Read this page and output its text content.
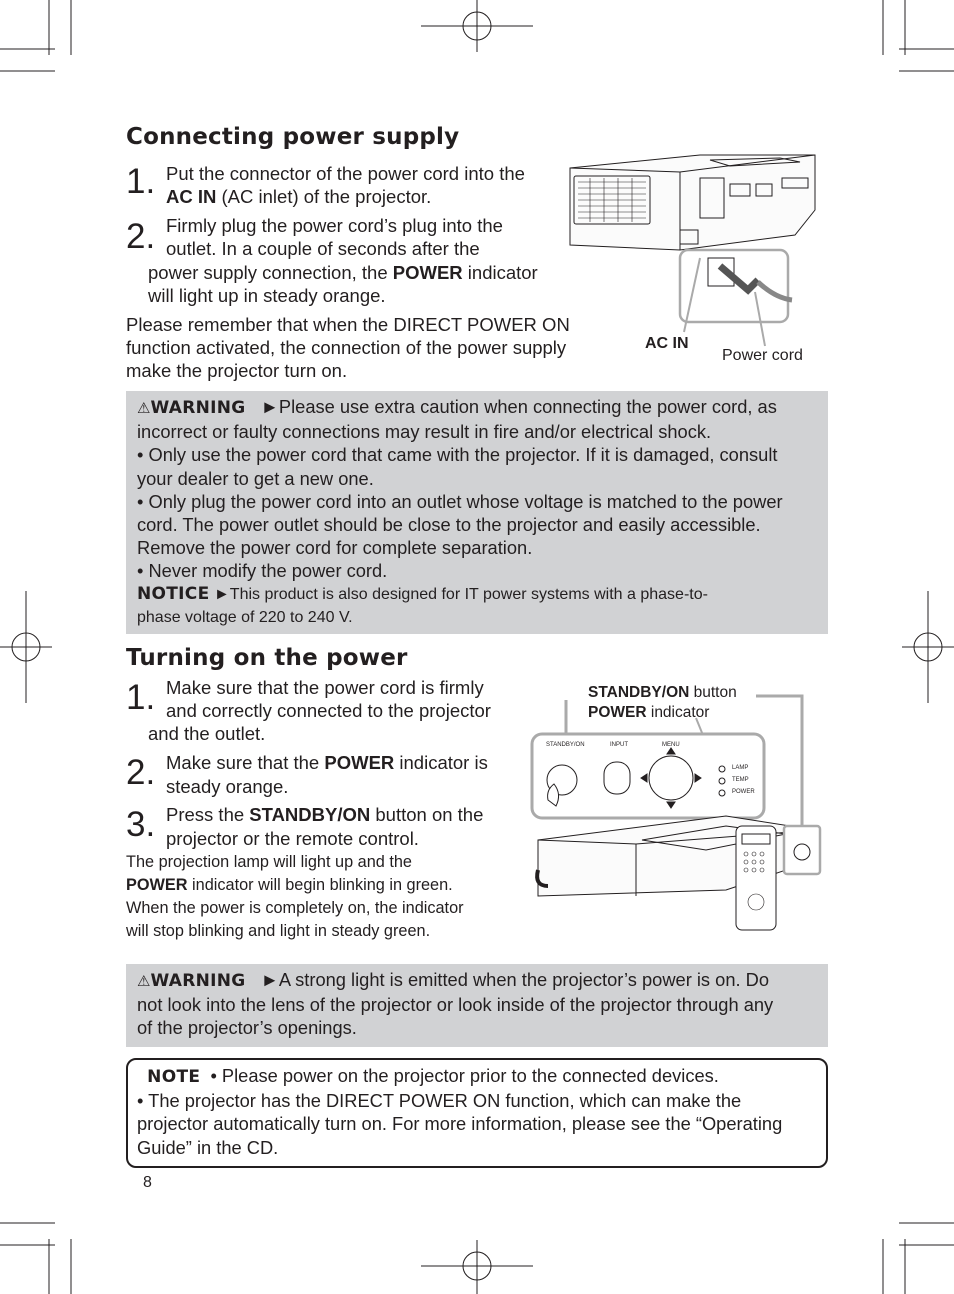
Connecting power supply
1. Put the connector of the power cord into the
AC IN (AC inlet) of the projector.
2. Firmly plug the power cord’s plug into the
outlet. In a couple of seconds after the
power supply connection, the POWER indicator
will light up in steady orange.
Please remember that when the DIRECT POWER ON
function activated, the connection of the power supply
make the projector turn on.
AC IN
Power cord
⚠WARNING ►Please use extra caution when connecting the power cord, as
incorrect or faulty connections may result in fire and/or electrical shock.
• Only use the power cord that came with the projector. If it is damaged, consult
your dealer to get a new one.
• Only plug the power cord into an outlet whose voltage is matched to the power
cord. The power outlet should be close to the projector and easily accessible.
Remove the power cord for complete separation.
• Never modify the power cord.
NOTICE ►This product is also designed for IT power systems with a phase-to-
phase voltage of 220 to 240 V.
Turning on the power
1. Make sure that the power cord is firmly
and correctly connected to the projector
and the outlet.
2. Make sure that the POWER indicator is
steady orange.
3. Press the STANDBY/ON button on the
projector or the remote control.
The projection lamp will light up and the
POWER indicator will begin blinking in green.
When the power is completely on, the indicator
will stop blinking and light in steady green.
STANDBY/ON button
POWER indicator
STANDBY/ON	INPUT	MENU
LAMP
TEMP
POWER
⚠WARNING ►A strong light is emitted when the projector’s power is on. Do
not look into the lens of the projector or look inside of the projector through any
of the projector’s openings.
NOTE • Please power on the projector prior to the connected devices.
• The projector has the DIRECT POWER ON function, which can make the
projector automatically turn on. For more information, please see the “Operating
Guide” in the CD.
8
